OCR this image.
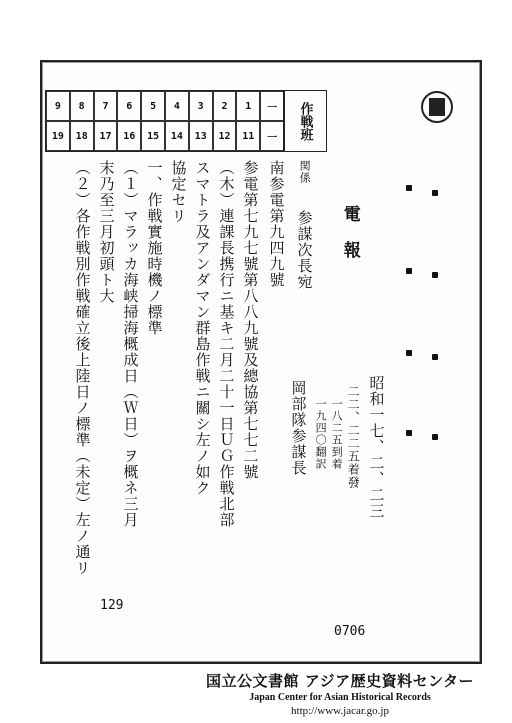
9	8	7	6	5	4	3	2	1	一
19	18	17	16	15	14	13	12	11	一	作戦班
関係
電　報
昭和一七、二、二三
二二、二二五着發
一八二五到着
一九四〇翻訳
岡部隊参謀長
参謀次長宛
南参電第九四九號
参電第七九七號第八八九號及總協第七七二號
（木）連課長携行ニ基キ二月二十一日ＵＧ作戦北部
スマトラ及アンダマン群島作戦ニ關シ左ノ如ク
協定セリ
一、作戦實施時機ノ標準
（１）マラッカ海峡掃海概成日（Ｗ日）ヲ概ネ三月
末乃至三月初頭ト大
（２）各作戦別作戦確立後上陸日ノ標準（未定）左ノ通リ
129
0706
国立公文書館 アジア歴史資料センター
Japan Center for Asian Historical Records
http://www.jacar.go.jp
